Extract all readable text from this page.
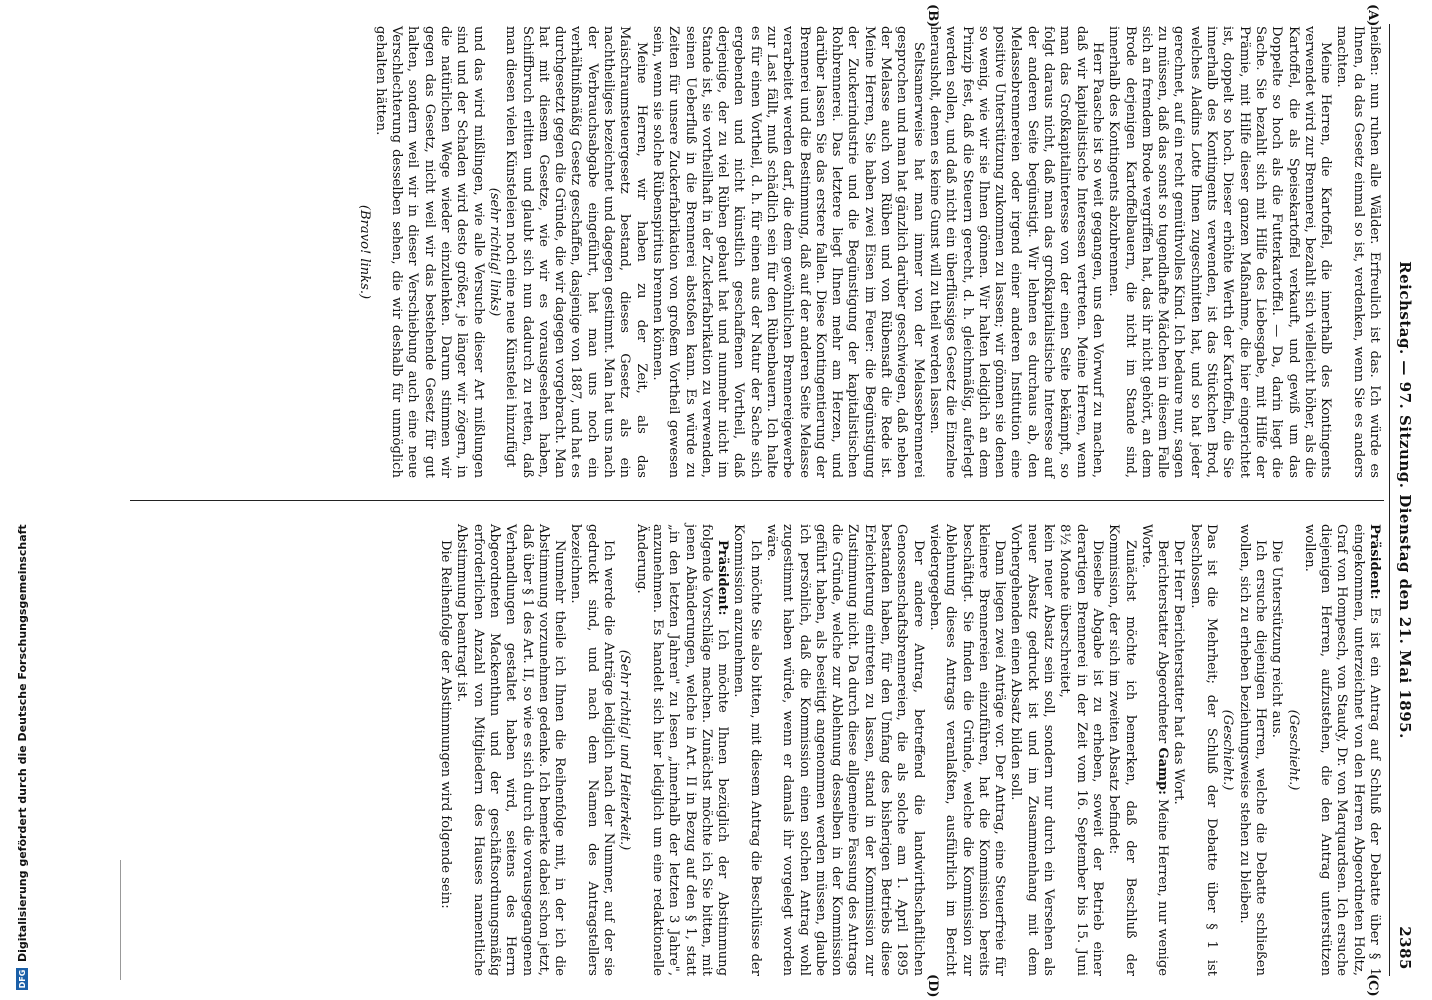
Reichstag. — 97. Sitzung. Dienstag den 21. Mai 1895.
2385
(A)
(B)
(C)
(D)

heißen: nun ruhen alle Wälder. Erfreulich ist das. Ich würde es Ihnen, da das Gesetz einmal so ist, verdenken, wenn Sie es anders machten.

Meine Herren, die Kartoffel, die innerhalb des Kontingents verwendet wird zur Brennerei, bezahlt sich vielleicht höher, als die Kartoffel, die als Speisekartoffel verkauft, und gewiß um das Doppelte so hoch als die Futterkartoffel. — Da, darin liegt die Sache. Sie bezahlt sich mit Hilfe des Liebesgabe, mit Hilfe der Prämie, mit Hilfe dieser ganzen Maßnahme, die hier eingerichtet ist, doppelt so hoch. Dieser erhöhte Werth der Kartoffeln, die Sie innerhalb des Kontingents verwenden, ist das Stückchen Brod, welches Aladins Lotte Ihnen zugeschnitten hat, und so hat jeder gerechnet, auf ein recht gemüthvolles Kind. Ich bedaure nur, sagen zu müssen, daß das sonst so tugendhafte Mädchen in diesem Falle sich an fremdem Brode vergriffen hat, das ihr nicht gehört, an dem Brode derjenigen Kartoffelbauern, die nicht im Stande sind, innerhalb des Kontingents abzubrennen.

Herr Paasche ist so weit gegangen, uns den Vorwurf zu machen, daß wir kapitalistische Interessen vertreten. Meine Herren, wenn man das Großkapitalinteresse von der einen Seite bekämpft, so folgt daraus nicht, daß man das großkapitalistische Interesse auf der anderen Seite begünstigt. Wir lehnen es durchaus ab, den Melassebrennereien oder irgend einer anderen Institution eine positive Unterstützung zukommen zu lassen; wir gönnen sie denen so wenig, wie wir sie Ihnen gönnen. Wir halten lediglich an dem Prinzip fest, daß die Steuern gerecht, d. h. gleichmäßig, auferlegt werden sollen, und daß nicht ein überflüssiges Gesetz die Einzelne herausholt, denen es keine Gunst will zu theil werden lassen.

Seltsamerweise hat man immer von der Melassebrennerei gesprochen und man hat gänzlich darüber geschwiegen, daß neben der Melasse auch von Rüben und von Rübensaft die Rede ist. Meine Herren, Sie haben zwei Eisen im Feuer: die Begünstigung der Zuckerindustrie und die Begünstigung der kapitalistischen Rohbrennerei. Das letztere liegt Ihnen mehr am Herzen, und darüber lassen Sie das erstere fallen. Diese Kontingentierung der Brennerei und die Bestimmung, daß auf der anderen Seite Melasse verarbeitet werden darf, die dem gewöhnlichen Brennereigewerbe zur Last fällt, muß schädlich sein für den Rübenbauern. Ich halte es für einen Vortheil, d. h. für einen aus der Natur der Sache sich ergebenden und nicht künstlich geschaffenen Vortheil, daß derjenige, der zu viel Rüben gebaut hat und nunmehr nicht im Stande ist, sie vortheilhaft in der Zuckerfabrikation zu verwenden, seinen Ueberfluß in die Brennerei abstoßen kann. Es würde zu Zeiten für unsere Zuckerfabrikation von großem Vortheil gewesen sein, wenn sie solche Rübenspiritus brennen können.

Meine Herren, wir haben zu der Zeit, als das Maischraumsteuergesetz bestand, dieses Gesetz als ein nachtheiliges bezeichnet und dagegen gestimmt. Man hat uns nach der Verbrauchsabgabe eingeführt, hat man uns noch ein verhältnißmäßig Gesetz geschaffen, dasjenige von 1887, und hat es durchgesetzt gegen die Gründe, die wir dagegen vorgebracht. Man hat mit diesem Gesetze, wie wir es vorausgesehen haben, Schiffbruch erlitten und glaubt sich nun dadurch zu retten, daß man diesen vielen Künsteleien noch eine neue Künstelei hinzufügt

(sehr richtig! links)

und das wird mißlingen, wie alle Versuche dieser Art mißlungen sind und der Schaden wird desto größer, je länger wir zögern, in die natürlichen Wege wieder einzulenken. Darum stimmen wir gegen das Gesetz, nicht weil wir das bestehende Gesetz für gut halten, sondern weil wir in dieser Verschiebung auch eine neue Verschlechterung desselben sehen, die wir deshalb für unmöglich gehalten hätten.

(Bravo! links.)

Präsident: Es ist ein Antrag auf Schluß der Debatte über § 1 eingekommen, unterzeichnet von den Herren Abgeordneten Holtz, Graf von Hompesch, von Staudy, Dr. von Marquardsen. Ich ersuche diejenigen Herren, aufzustehen, die den Antrag unterstützen wollen.

(Geschieht.)

Die Unterstützung reicht aus.

Ich ersuche diejenigen Herren, welche die Debatte schließen wollen, sich zu erheben beziehungsweise stehen zu bleiben.

(Geschieht.)

Das ist die Mehrheit; der Schluß der Debatte über § 1 ist beschlossen.

Der Herr Berichterstatter hat das Wort.

Berichterstatter Abgeordneter Gamp: Meine Herren, nur wenige Worte.

Zunächst möchte ich bemerken, daß der Beschluß der Kommission, der sich im zweiten Absatz befindet:

Dieselbe Abgabe ist zu erheben, soweit der Betrieb einer derartigen Brennerei in der Zeit vom 16. September bis 15. Juni 8½ Monate überschreitet,

kein neuer Absatz sein soll, sondern nur durch ein Versehen als neuer Absatz gedruckt ist und im Zusammenhang mit dem Vorhergehenden einen Absatz bilden soll.

Dann liegen zwei Anträge vor. Der Antrag, eine Steuerfreie für kleinere Brennereien einzuführen, hat die Kommission bereits beschäftigt. Sie finden die Gründe, welche die Kommission zur Ablehnung dieses Antrags veranlaßten, ausführlich im Bericht wiedergegeben.

Der andere Antrag, betreffend die landwirthschaftlichen Genossenschaftsbrennereien, die als solche am 1. April 1895 bestanden haben, für den Umfang des bisherigen Betriebs diese Erleichterung eintreten zu lassen, stand in der Kommission zur Zustimmung nicht. Da durch diese allgemeine Fassung des Antrags die Gründe, welche zur Ablehnung desselben in der Kommission geführt haben, als beseitigt angenommen werden müssen, glaube ich persönlich, daß die Kommission einen solchen Antrag wohl zugestimmt haben würde, wenn er damals ihr vorgelegt worden wäre.

Ich möchte Sie also bitten, mit diesem Antrag die Beschlüsse der Kommission anzunehmen.

Präsident: Ich möchte Ihnen bezüglich der Abstimmung folgende Vorschläge machen. Zunächst möchte ich Sie bitten, mit jenen Abänderungen, welche in Art. II in Bezug auf den § 1, statt „in den letzten Jahren" zu lesen „innerhalb der letzten 3 Jahre", anzunehmen. Es handelt sich hier lediglich um eine redaktionelle Änderung.

(Sehr richtig! und Heiterkeit.)

Ich werde die Anträge lediglich nach der Nummer, auf der sie gedruckt sind, und nach dem Namen des Antragstellers bezeichnen.

Nunmehr theile ich Ihnen die Reihenfolge mit, in der ich die Abstimmung vorzunehmen gedenke. Ich bemerke dabei schon jetzt, daß über § 1 des Art. II, so wie es sich durch die vorausgegangenen Verhandlungen gestaltet haben wird, seitens des Herrn Abgeordneten Mackenthun und der geschäftsordnungsmäßig erforderlichen Anzahl von Mitgliedern des Hauses namentliche Abstimmung beantragt ist.

Die Reihenfolge der Abstimmungen wird folgende sein:

DFG
Digitalisierung gefördert durch die Deutsche Forschungsgemeinschaft
